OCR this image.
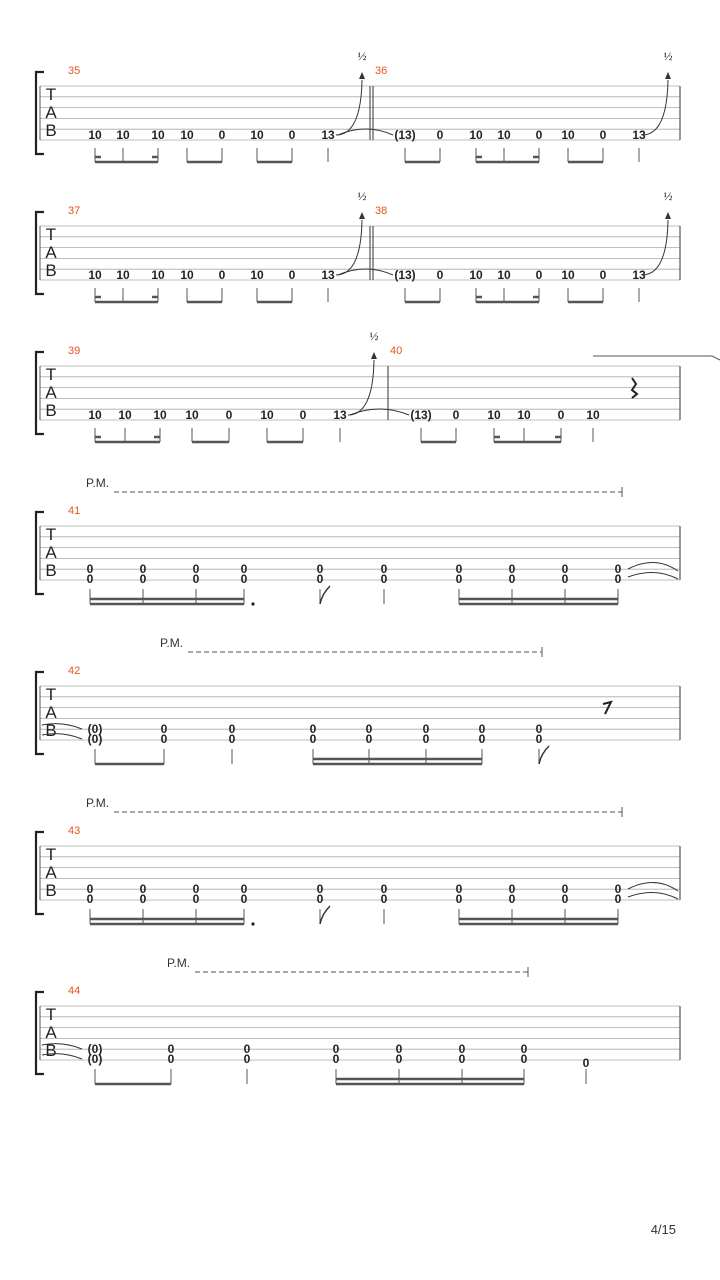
T
A
B
35	36
10 10 10 10 0 10 0 13	(13) 0 10 10 0 10 0 13
½	½
T
A
B
37	38
10 10 10 10 0 10 0 13	(13) 0 10 10 0 10 0 13
½	½
T
A
B
39	40
10 10 10 10 0 10 0 13	(13) 0 10 10 0 10
½
T
A
B
41
P.M.
0
0
0
0
0
0
0
0
0
0
0
0
0
0
0
0
0
0
0
0
T
A
B
42
P.M.
(0)
(0)
0
0
0
0
0
0
0
0
0
0
0
0
0
0
T
A
B
43
P.M.
0
0
0
0
0
0
0
0
0
0
0
0
0
0
0
0
0
0
0
0
T
A
B
44
P.M.
(0)
(0)
0
0
0
0
0
0
0
0
0
0
0
0	0
4/15
